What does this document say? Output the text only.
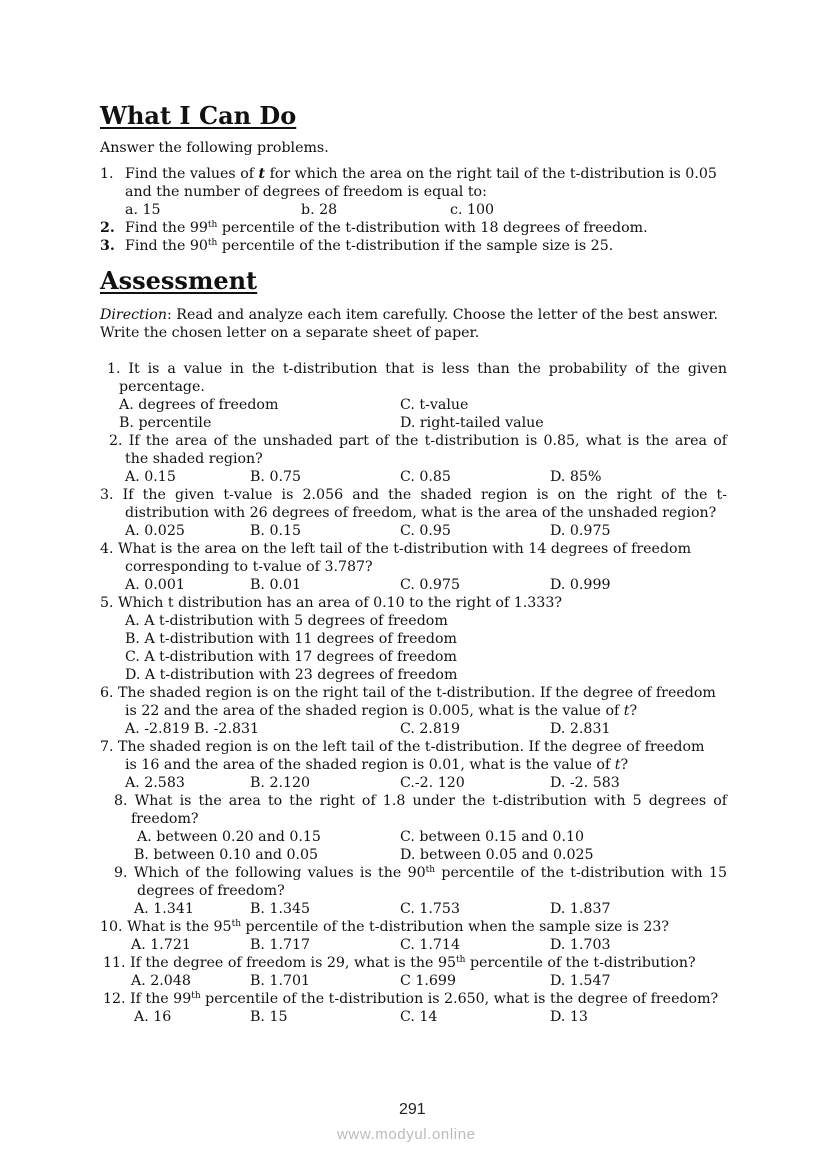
What I Can Do
Answer the following problems.
1. Find the values of t for which the area on the right tail of the t-distribution is 0.05
and the number of degrees of freedom is equal to:
a. 15	b. 28	c. 100
2. Find the 99th percentile of the t-distribution with 18 degrees of freedom.
3. Find the 90th percentile of the t-distribution if the sample size is 25.
Assessment
Direction: Read and analyze each item carefully. Choose the letter of the best answer.
Write the chosen letter on a separate sheet of paper.
1. It is a value in the t-distribution that is less than the probability of the given
percentage.
A. degrees of freedom	C. t-value
B. percentile	D. right-tailed value
2. If the area of the unshaded part of the t-distribution is 0.85, what is the area of
the shaded region?
A. 0.15	B. 0.75	C. 0.85	D. 85%
3. If the given t-value is 2.056 and the shaded region is on the right of the t-
distribution with 26 degrees of freedom, what is the area of the unshaded region?
A. 0.025	B. 0.15	C. 0.95	D. 0.975
4. What is the area on the left tail of the t-distribution with 14 degrees of freedom
corresponding to t-value of 3.787?
A. 0.001	B. 0.01	C. 0.975	D. 0.999
5. Which t distribution has an area of 0.10 to the right of 1.333?
A. A t-distribution with 5 degrees of freedom
B. A t-distribution with 11 degrees of freedom
C. A t-distribution with 17 degrees of freedom
D. A t-distribution with 23 degrees of freedom
6. The shaded region is on the right tail of the t-distribution. If the degree of freedom
is 22 and the area of the shaded region is 0.005, what is the value of t?
A. -2.819 B. -2.831	C. 2.819	D. 2.831
7. The shaded region is on the left tail of the t-distribution. If the degree of freedom
is 16 and the area of the shaded region is 0.01, what is the value of t?
A. 2.583	B. 2.120	C.-2. 120	D. -2. 583
8. What is the area to the right of 1.8 under the t-distribution with 5 degrees of
freedom?
A. between 0.20 and 0.15	C. between 0.15 and 0.10
B. between 0.10 and 0.05	D. between 0.05 and 0.025
9. Which of the following values is the 90th percentile of the t-distribution with 15
degrees of freedom?
A. 1.341	B. 1.345	C. 1.753	D. 1.837
10. What is the 95th percentile of the t-distribution when the sample size is 23?
A. 1.721	B. 1.717	C. 1.714	D. 1.703
11. If the degree of freedom is 29, what is the 95th percentile of the t-distribution?
A. 2.048	B. 1.701	C 1.699	D. 1.547
12. If the 99th percentile of the t-distribution is 2.650, what is the degree of freedom?
A. 16	B. 15	C. 14	D. 13
291
www.modyul.online
